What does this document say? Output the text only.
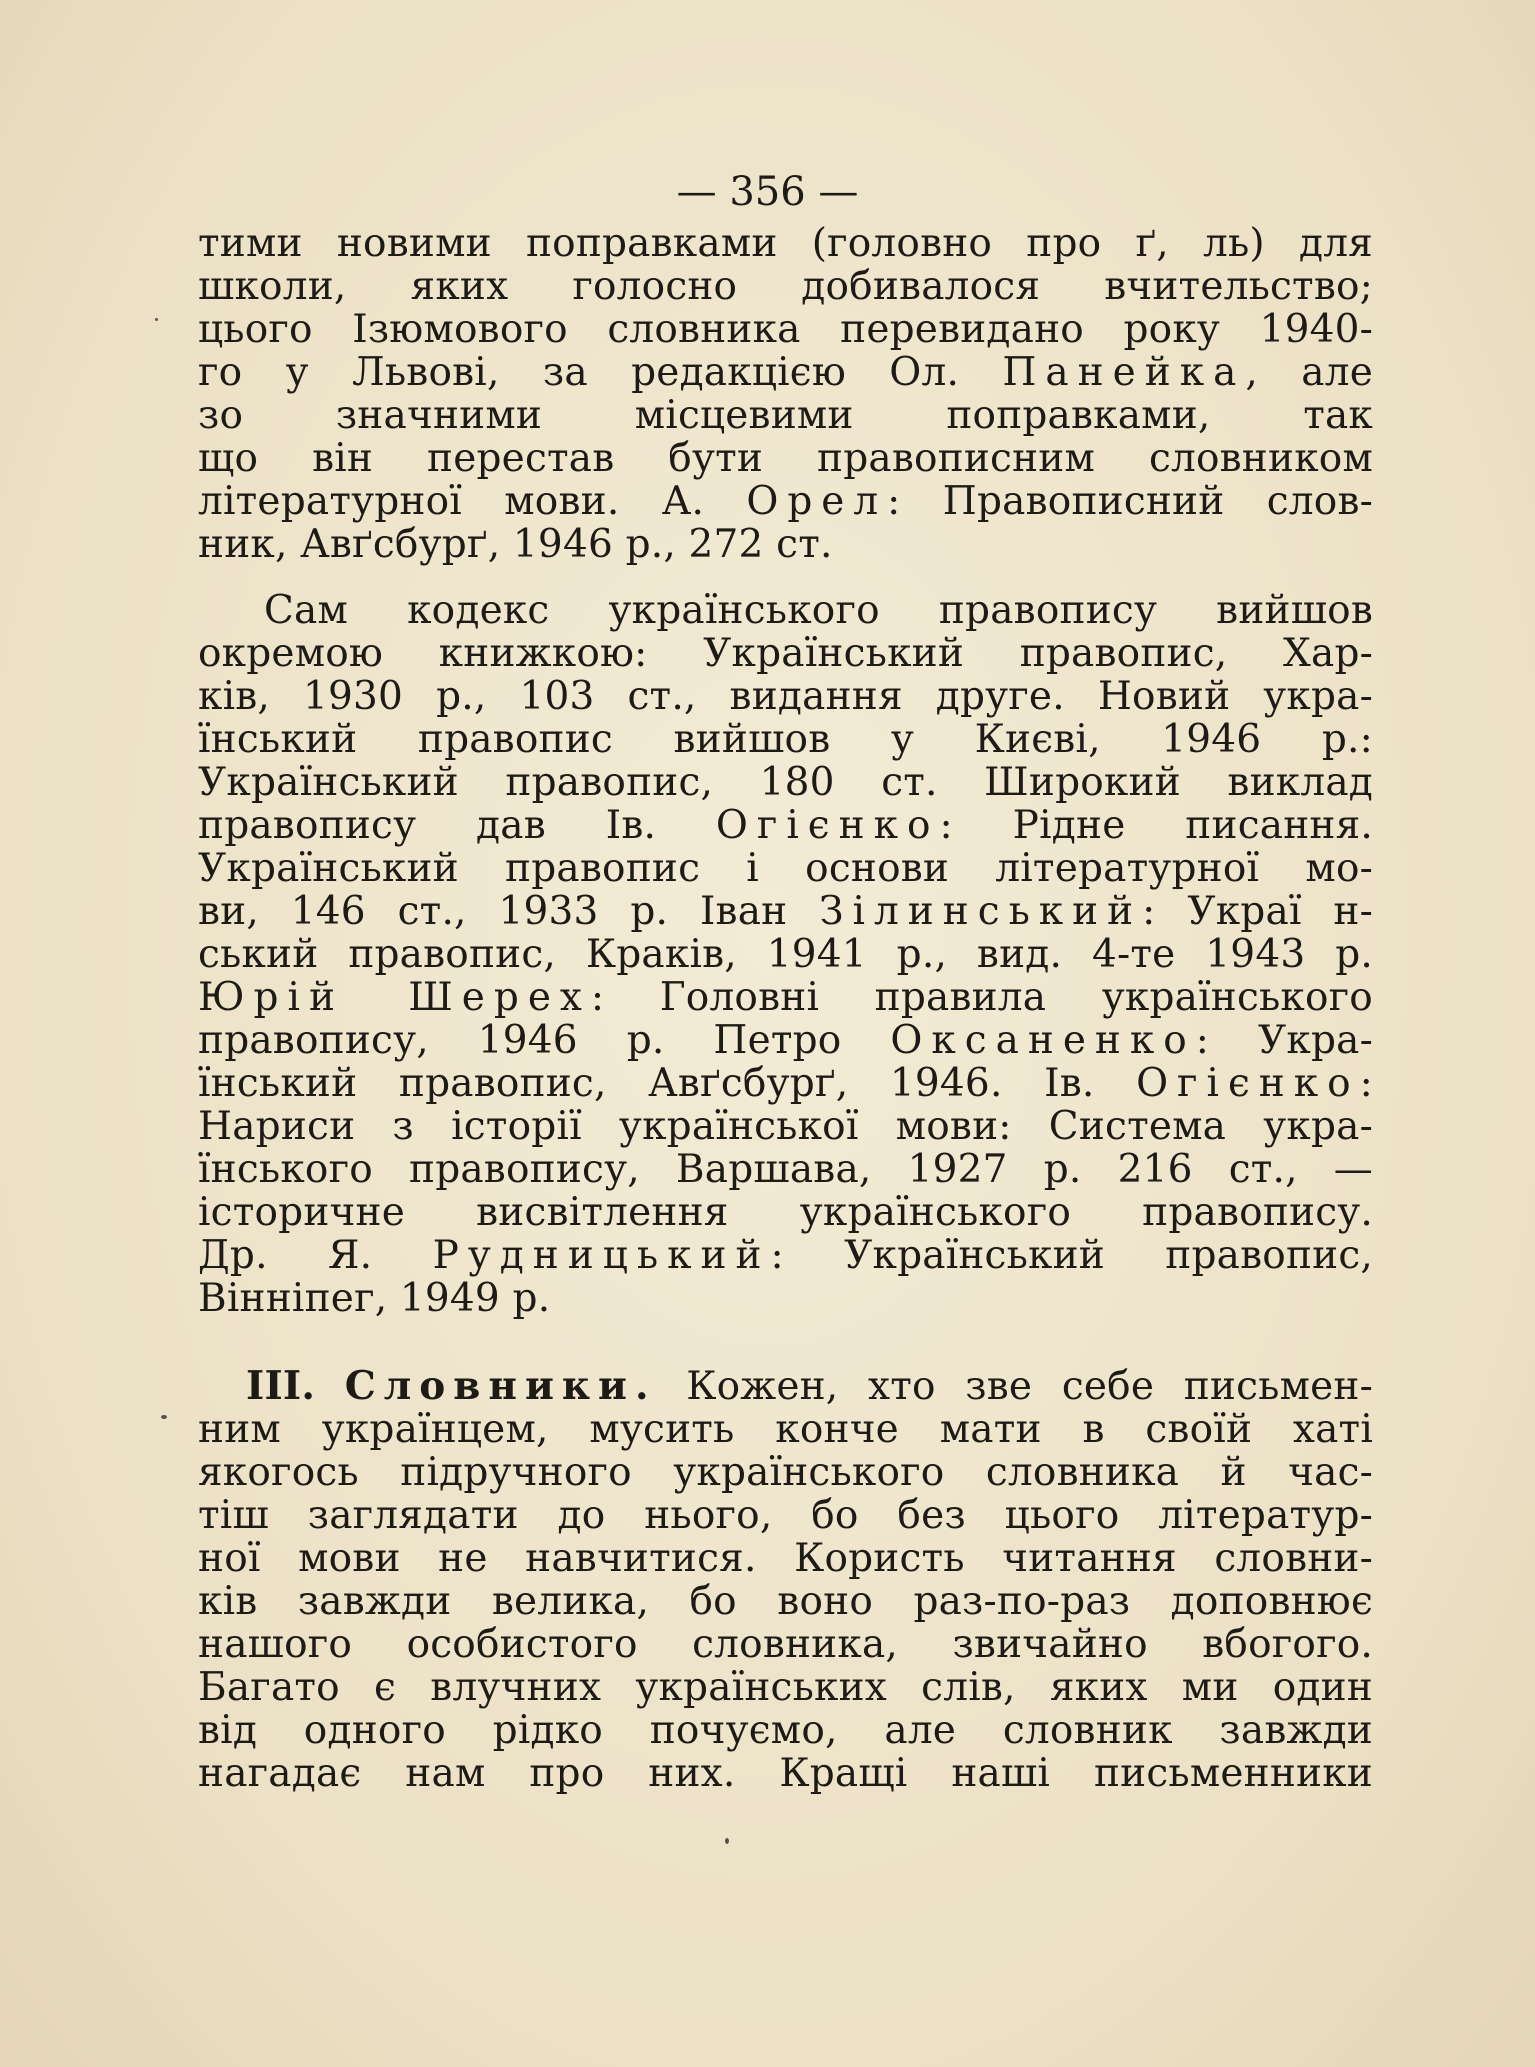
— 356 —
тими новими поправками (головно про ґ, ль) для
школи, яких голосно добивалося вчительство;
цього Ізюмового словника перевидано року 1940-
го у Львові, за редакцією Ол. Панейка, але
зо значними місцевими поправками, так
що він перестав бути правописним словником
літературної мови. А. Орел: Правописний слов-
ник, Авґсбурґ, 1946 р., 272 ст.
Сам кодекс українського правопису вийшов
окремою книжкою: Український правопис, Хар-
ків, 1930 р., 103 ст., видання друге. Новий укра-
їнський правопис вийшов у Києві, 1946 р.:
Український правопис, 180 ст. Широкий виклад
правопису дав Ів. Огієнко: Рідне писання.
Український правопис і основи літературної мо-
ви, 146 ст., 1933 р. Іван Зілинський: Украї н-
ський правопис, Краків, 1941 р., вид. 4-те 1943 р.
Юрій Шерех: Головні правила українського
правопису, 1946 р. Петро Оксаненко: Укра-
їнський правопис, Авґсбурґ, 1946. Ів. Огієнко:
Нариси з історії української мови: Система укра-
їнського правопису, Варшава, 1927 р. 216 ст., —
історичне висвітлення українського правопису.
Др. Я. Рудницький: Український правопис,
Вінніпег, 1949 р.
III. Словники. Кожен, хто зве себе письмен-
ним українцем, мусить конче мати в своїй хаті
якогось підручного українського словника й час-
тіш заглядати до нього, бо без цього літератур-
ної мови не навчитися. Користь читання словни-
ків завжди велика, бо воно раз-по-раз доповнює
нашого особистого словника, звичайно вбогого.
Багато є влучних українських слів, яких ми один
від одного рідко почуємо, але словник завжди
нагадає нам про них. Кращі наші письменники
